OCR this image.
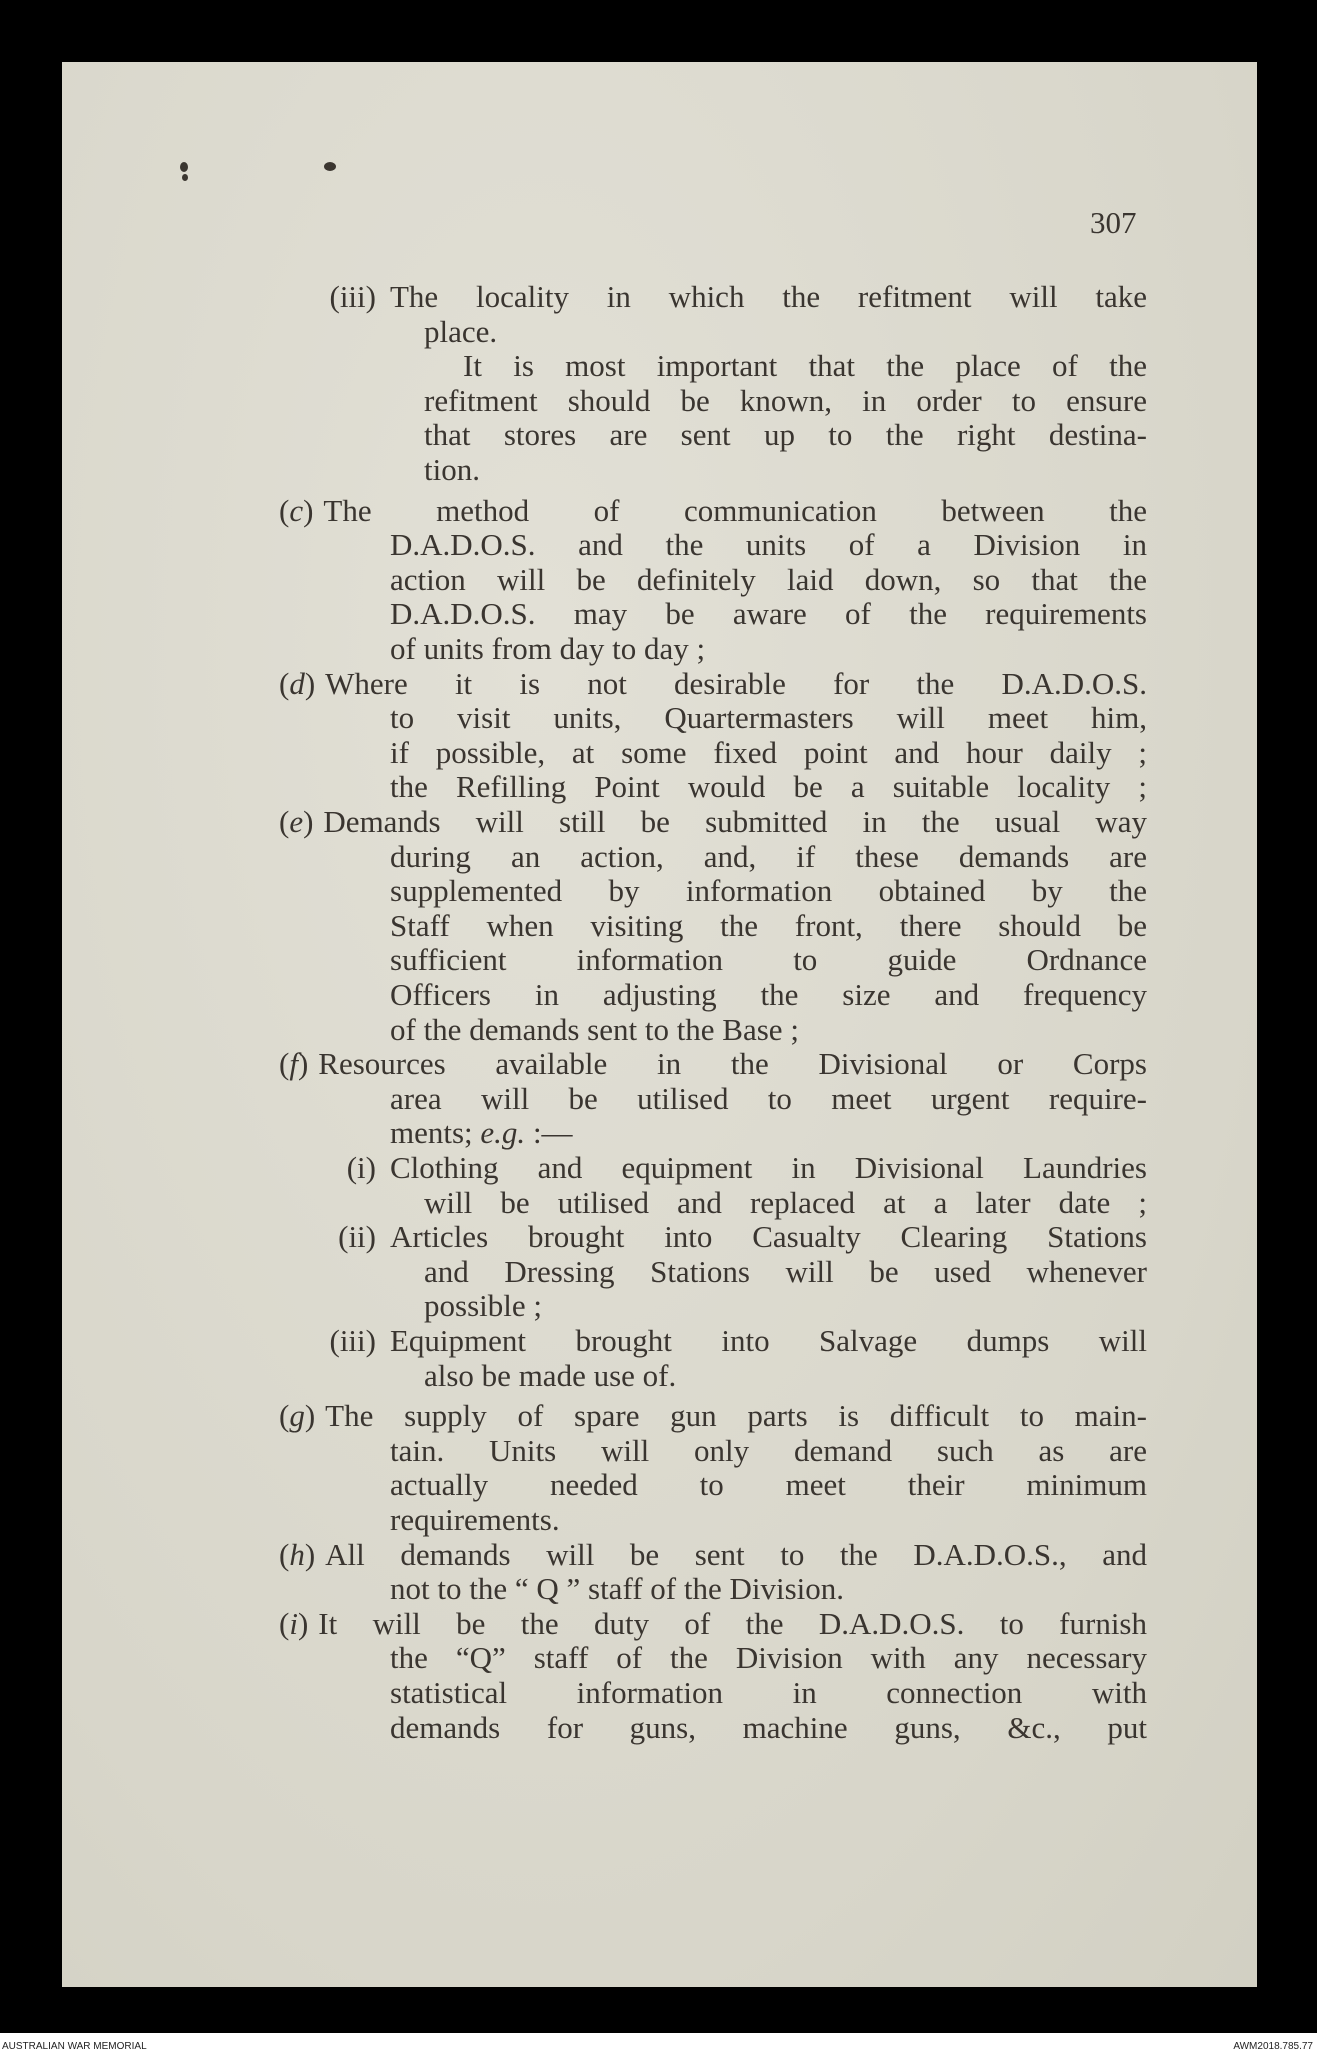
307
(iii) The locality in which the refitment will take
place.
It is most important that the place of the
refitment should be known, in order to ensure
that stores are sent up to the right destina-
tion.
(c)The method of communication between the
D.A.D.O.S. and the units of a Division in
action will be definitely laid down, so that the
D.A.D.O.S. may be aware of the requirements
of units from day to day ;
(d)Where it is not desirable for the D.A.D.O.S.
to visit units, Quartermasters will meet him,
if possible, at some fixed point and hour daily ;
the Refilling Point would be a suitable locality ;
(e)Demands will still be submitted in the usual way
during an action, and, if these demands are
supplemented by information obtained by the
Staff when visiting the front, there should be
sufficient information to guide Ordnance
Officers in adjusting the size and frequency
of the demands sent to the Base ;
(f)Resources available in the Divisional or Corps
area will be utilised to meet urgent require-
ments; e.g. :—
(i) Clothing and equipment in Divisional Laundries
will be utilised and replaced at a later date ;
(ii) Articles brought into Casualty Clearing Stations
and Dressing Stations will be used whenever
possible ;
(iii) Equipment brought into Salvage dumps will
also be made use of.
(g)The supply of spare gun parts is difficult to main-
tain. Units will only demand such as are
actually needed to meet their minimum
requirements.
(h)All demands will be sent to the D.A.D.O.S., and
not to the “ Q ” staff of the Division.
(i)It will be the duty of the D.A.D.O.S. to furnish
the “Q” staff of the Division with any necessary
statistical information in connection with
demands for guns, machine guns, &c., put
AUSTRALIAN WAR MEMORIAL	AWM2018.785.77
